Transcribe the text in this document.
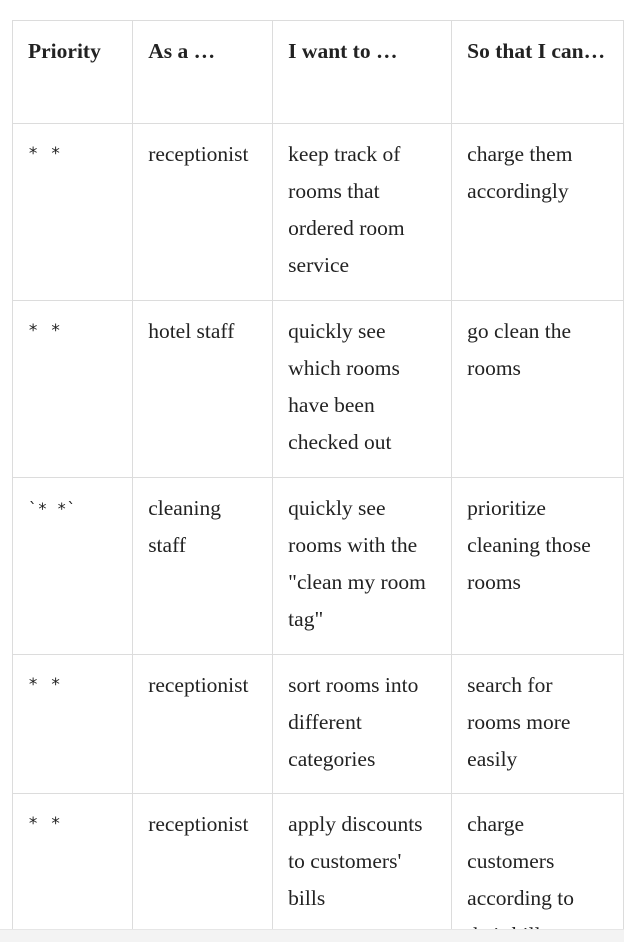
Priority	As a …	I want to …	So that I can…
* *	receptionist	keep track of rooms that ordered room service	charge them accordingly
* *	hotel staff	quickly see which rooms have been checked out	go clean the rooms
`* *`	cleaning staff	quickly see rooms with the "clean my room tag"	prioritize cleaning those rooms
* *	receptionist	sort rooms into different categories	search for rooms more easily
* *	receptionist	apply discounts to customers' bills	charge customers according to
